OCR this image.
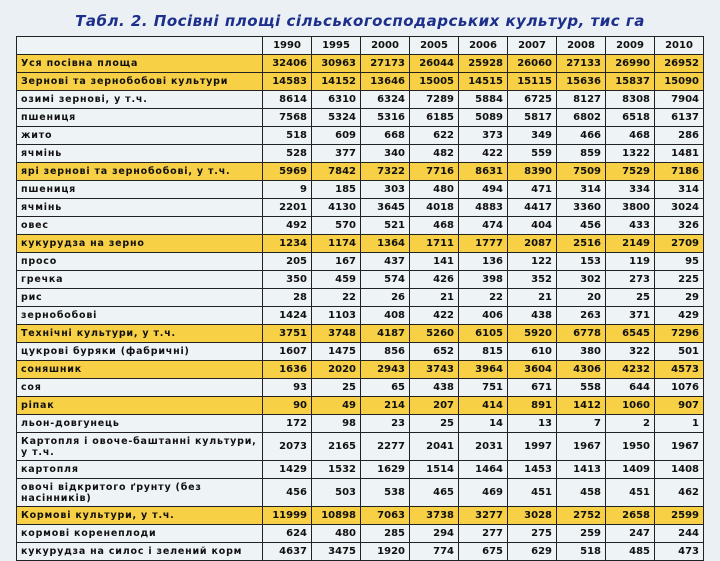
Табл. 2. Посівні площі сільськогосподарських культур, тис га
	1990	1995	2000	2005	2006	2007	2008	2009	2010
Уся посівна площа	32406	30963	27173	26044	25928	26060	27133	26990	26952
Зернові та зернобобові культури	14583	14152	13646	15005	14515	15115	15636	15837	15090
озимі зернові, у т.ч.	8614	6310	6324	7289	5884	6725	8127	8308	7904
пшениця	7568	5324	5316	6185	5089	5817	6802	6518	6137
жито	518	609	668	622	373	349	466	468	286
ячмінь	528	377	340	482	422	559	859	1322	1481
ярі зернові та зернобобові, у т.ч.	5969	7842	7322	7716	8631	8390	7509	7529	7186
пшениця	9	185	303	480	494	471	314	334	314
ячмінь	2201	4130	3645	4018	4883	4417	3360	3800	3024
овес	492	570	521	468	474	404	456	433	326
кукурудза на зерно	1234	1174	1364	1711	1777	2087	2516	2149	2709
просо	205	167	437	141	136	122	153	119	95
гречка	350	459	574	426	398	352	302	273	225
рис	28	22	26	21	22	21	20	25	29
зернобобові	1424	1103	408	422	406	438	263	371	429
Технічні культури, у т.ч.	3751	3748	4187	5260	6105	5920	6778	6545	7296
цукрові буряки (фабричні)	1607	1475	856	652	815	610	380	322	501
соняшник	1636	2020	2943	3743	3964	3604	4306	4232	4573
соя	93	25	65	438	751	671	558	644	1076
ріпак	90	49	214	207	414	891	1412	1060	907
льон-довгунець	172	98	23	25	14	13	7	2	1
Картопля і овоче-баштанні культури, у т.ч.	2073	2165	2277	2041	2031	1997	1967	1950	1967
картопля	1429	1532	1629	1514	1464	1453	1413	1409	1408
овочі відкритого ґрунту (без насінників)	456	503	538	465	469	451	458	451	462
Кормові культури, у т.ч.	11999	10898	7063	3738	3277	3028	2752	2658	2599
кормові коренеплоди	624	480	285	294	277	275	259	247	244
кукурудза на силос і зелений корм	4637	3475	1920	774	675	629	518	485	473
